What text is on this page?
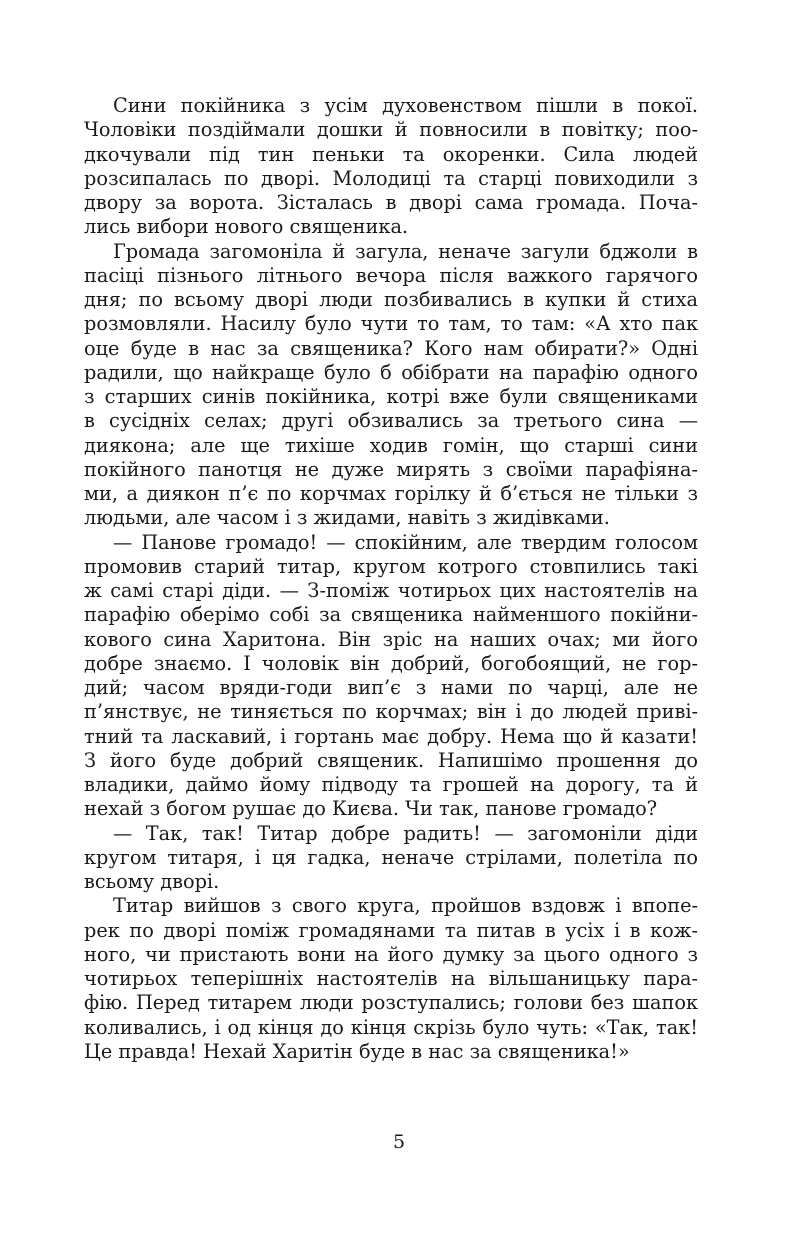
Сини покійника з усім духовенством пішли в покої.
Чоловіки поздіймали дошки й повносили в повітку; поо-
дкочували під тин пеньки та окоренки. Сила людей
розсипалась по дворі. Молодиці та старці повиходили з
двору за ворота. Зісталась в дворі сама громада. Поча-
лись вибори нового священика.
Громада загомоніла й загула, неначе загули бджоли в
пасіці пізнього літнього вечора після важкого гарячого
дня; по всьому дворі люди позбивались в купки й стиха
розмовляли. Насилу було чути то там, то там: «А хто пак
оце буде в нас за священика? Кого нам обирати?» Одні
радили, що найкраще було б обібрати на парафію одного
з старших синів покійника, котрі вже були священиками
в сусідніх селах; другі обзивались за третього сина —
диякона; але ще тихіше ходив гомін, що старші сини
покійного панотця не дуже мирять з своїми парафіяна-
ми, а диякон п’є по корчмах горілку й б’ється не тільки з
людьми, але часом і з жидами, навіть з жидівками.
— Панове громадо! — спокійним, але твердим голосом
промовив старий титар, кругом котрого стовпились такі
ж самі старі діди. — З-поміж чотирьох цих настоятелів на
парафію оберімо собі за священика найменшого покійни-
кового сина Харитона. Він зріс на наших очах; ми його
добре знаємо. І чоловік він добрий, богобоящий, не гор-
дий; часом вряди-годи вип’є з нами по чарці, але не
п’янствує, не тиняється по корчмах; він і до людей приві-
тний та ласкавий, і гортань має добру. Нема що й казати!
З його буде добрий священик. Напишімо прошення до
владики, даймо йому підводу та грошей на дорогу, та й
нехай з богом рушає до Києва. Чи так, панове громадо?
— Так, так! Титар добре радить! — загомоніли діди
кругом титаря, і ця гадка, неначе стрілами, полетіла по
всьому дворі.
Титар вийшов з свого круга, пройшов вздовж і впопе-
рек по дворі поміж громадянами та питав в усіх і в кож-
ного, чи пристають вони на його думку за цього одного з
чотирьох теперішніх настоятелів на вільшаницьку пара-
фію. Перед титарем люди розступались; голови без шапок
коливались, і од кінця до кінця скрізь було чуть: «Так, так!
Це правда! Нехай Харитін буде в нас за священика!»
5
